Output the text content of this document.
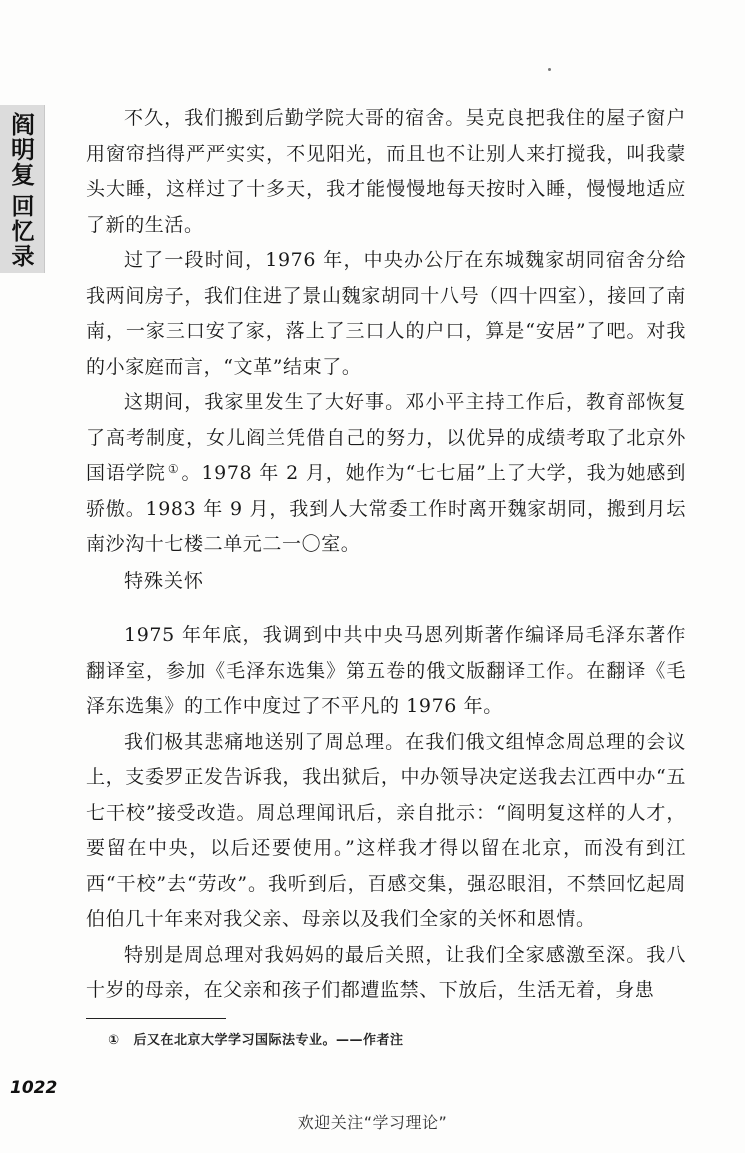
阎明复
回忆录

不久，我们搬到后勤学院大哥的宿舍。吴克良把我住的屋子窗户用窗帘挡得严严实实，不见阳光，而且也不让别人来打搅我，叫我蒙头大睡，这样过了十多天，我才能慢慢地每天按时入睡，慢慢地适应了新的生活。

过了一段时间，1976 年，中央办公厅在东城魏家胡同宿舍分给我两间房子，我们住进了景山魏家胡同十八号（四十四室），接回了南南，一家三口安了家，落上了三口人的户口，算是“安居”了吧。对我的小家庭而言，“文革”结束了。

这期间，我家里发生了大好事。邓小平主持工作后，教育部恢复了高考制度，女儿阎兰凭借自己的努力，以优异的成绩考取了北京外国语学院 ① 。1978 年 2 月，她作为“七七届”上了大学，我为她感到骄傲。1983 年 9 月，我到人大常委工作时离开魏家胡同，搬到月坛南沙沟十七楼二单元二一〇室。

特殊关怀

1975 年年底，我调到中共中央马恩列斯著作编译局毛泽东著作翻译室，参加《毛泽东选集》第五卷的俄文版翻译工作。在翻译《毛泽东选集》的工作中度过了不平凡的 1976 年。

我们极其悲痛地送别了周总理。在我们俄文组悼念周总理的会议上，支委罗正发告诉我，我出狱后，中办领导决定送我去江西中办“五七干校”接受改造。周总理闻讯后，亲自批示：“阎明复这样的人才，要留在中央，以后还要使用。”这样我才得以留在北京，而没有到江西“干校”去“劳改”。我听到后，百感交集，强忍眼泪，不禁回忆起周伯伯几十年来对我父亲、母亲以及我们全家的关怀和恩情。

特别是周总理对我妈妈的最后关照，让我们全家感激至深。我八十岁的母亲，在父亲和孩子们都遭监禁、下放后，生活无着，身患

① 后又在北京大学学习国际法专业。——作者注
1022
欢迎关注“学习理论”
